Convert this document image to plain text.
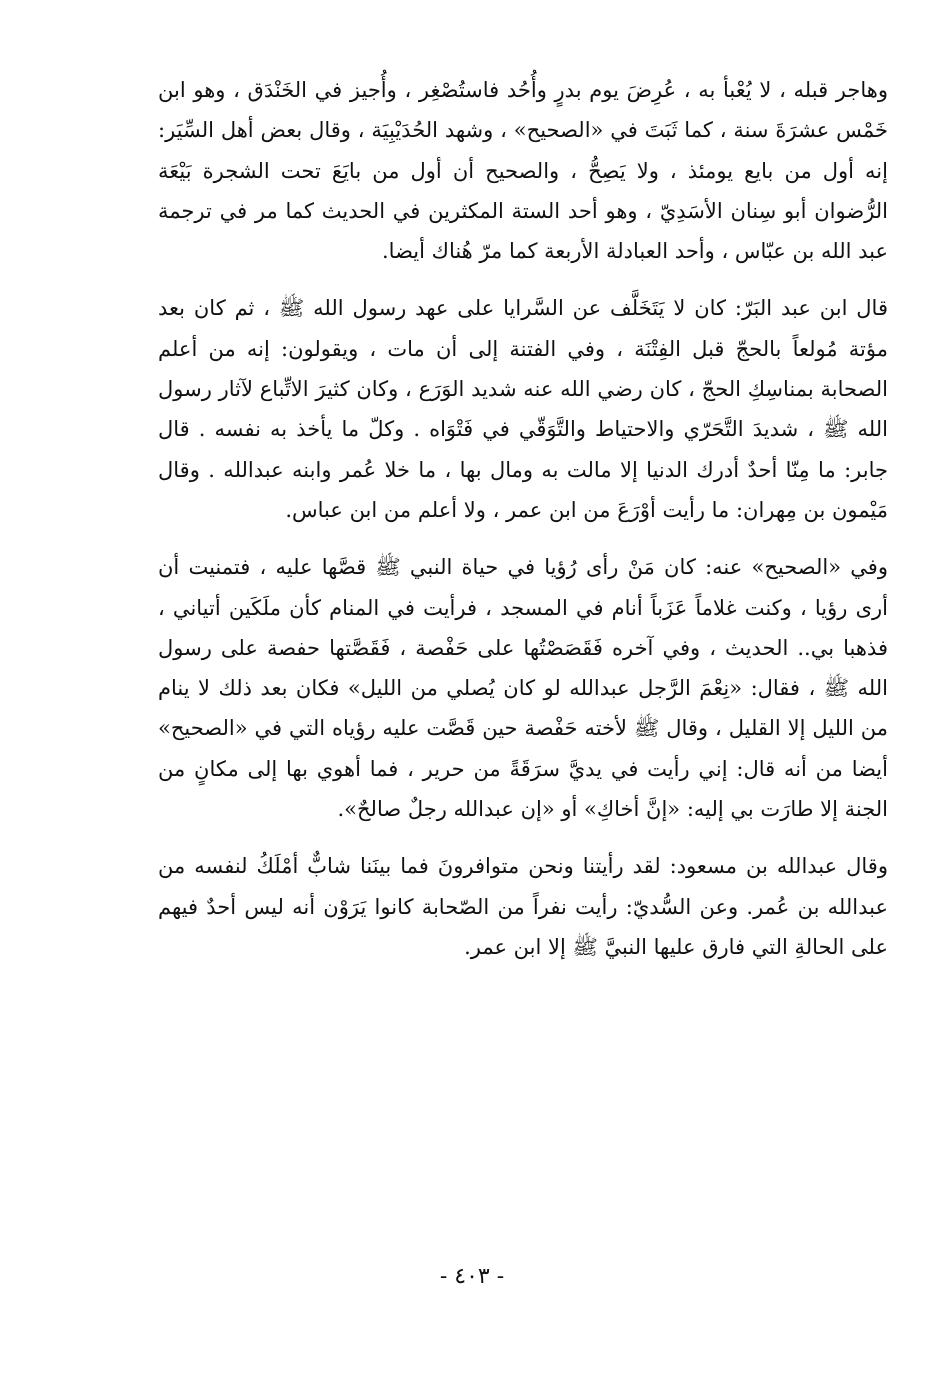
وهاجر قبله ، لا يُعْبأ به ، عُرِضَ يوم بدرٍ وأُحُد فاستُصْغِر ، وأُجيز في الخَنْدَق ، وهو ابن خَمْس عشرَةَ سنة ، كما ثَبَتَ في «الصحيح» ، وشهد الحُدَيْبِيَة ، وقال بعض أهل السِّيَر: إنه أول من بايع يومئذ ، ولا يَصِحُّ ، والصحيح أن أول من بايَعَ تحت الشجرة بَيْعَة الرُّضوان أبو سِنان الأسَدِيّ ، وهو أحد الستة المكثرين في الحديث كما مر في ترجمة عبد الله بن عبّاس ، وأحد العبادلة الأربعة كما مرّ هُناك أيضا.

قال ابن عبد البَرّ: كان لا يَتَخَلَّف عن السَّرايا على عهد رسول الله ﷺ ، ثم كان بعد مؤتة مُولعاً بالحجّ قبل الفِتْنَة ، وفي الفتنة إلى أن مات ، ويقولون: إنه من أعلم الصحابة بمناسِكِ الحجّ ، كان رضي الله عنه شديد الوَرَع ، وكان كثيرَ الاتِّباع لآثار رسول الله ﷺ ، شديدَ التَّحَرّي والاحتياط والتَّوَقّي في فَتْوَاه . وكلّ ما يأخذ به نفسه . قال جابر: ما مِنّا أحدٌ أدرك الدنيا إلا مالت به ومال بها ، ما خلا عُمر وابنه عبدالله . وقال مَيْمون بن مِهران: ما رأيت أوْرَعَ من ابن عمر ، ولا أعلم من ابن عباس.

وفي «الصحيح» عنه: كان مَنْ رأى رُؤيا في حياة النبي ﷺ قصَّها عليه ، فتمنيت أن أرى رؤيا ، وكنت غلاماً عَزَباً أنام في المسجد ، فرأيت في المنام كأن ملَكَين أتياني ، فذهبا بي.. الحديث ، وفي آخره فَقَصَصْتُها على حَفْصة ، فَقَصَّتها حفصة على رسول الله ﷺ ، فقال: «نِعْمَ الرَّجل عبدالله لو كان يُصلي من الليل» فكان بعد ذلك لا ينام من الليل إلا القليل ، وقال ﷺ لأخته حَفْصة حين قَصَّت عليه رؤياه التي في «الصحيح» أيضا من أنه قال: إني رأيت في يديَّ سرَقَةً من حرير ، فما أهوي بها إلى مكانٍ من الجنة إلا طارَت بي إليه: «إنَّ أخاكِ» أو «إن عبدالله رجلٌ صالحٌ».

وقال عبدالله بن مسعود: لقد رأيتنا ونحن متوافرونَ فما بينَنا شابٌّ أمْلَكُ لنفسه من عبدالله بن عُمر. وعن السُّديّ: رأيت نفراً من الصّحابة كانوا يَرَوْن أنه ليس أحدٌ فيهم على الحالةِ التي فارق عليها النبيَّ ﷺ إلا ابن عمر.

- ٤٠٣ -
